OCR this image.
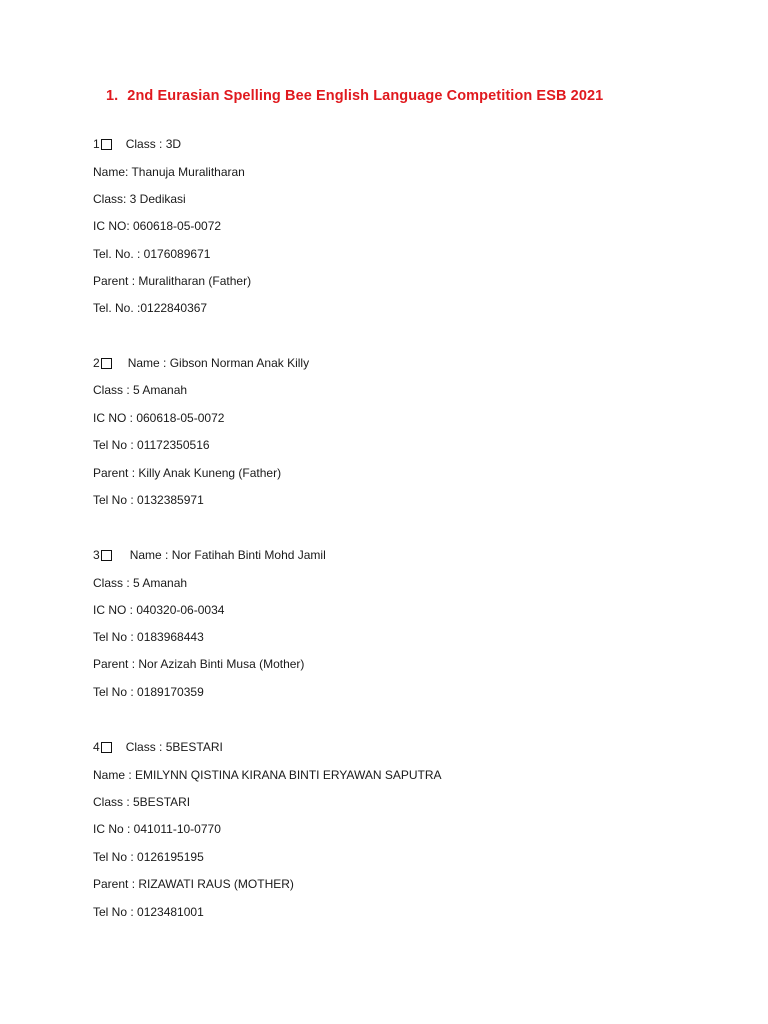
1. 2nd Eurasian Spelling Bee English Language Competition ESB 2021
1 Class : 3D
Name: Thanuja Muralitharan
Class: 3 Dedikasi
IC NO: 060618-05-0072
Tel. No. : 0176089671
Parent : Muralitharan (Father)
Tel. No. :0122840367
2 Name : Gibson Norman Anak Killy
Class : 5 Amanah
IC NO : 060618-05-0072
Tel No : 01172350516
Parent : Killy Anak Kuneng (Father)
Tel No : 0132385971
3	Name : Nor Fatihah Binti Mohd Jamil
Class : 5 Amanah
IC NO : 040320-06-0034
Tel No : 0183968443
Parent : Nor Azizah Binti Musa (Mother)
Tel No : 0189170359
4 Class : 5BESTARI
Name : EMILYNN QISTINA KIRANA BINTI ERYAWAN SAPUTRA
Class : 5BESTARI
IC No : 041011-10-0770
Tel No : 0126195195
Parent : RIZAWATI RAUS (MOTHER)
Tel No : 0123481001
